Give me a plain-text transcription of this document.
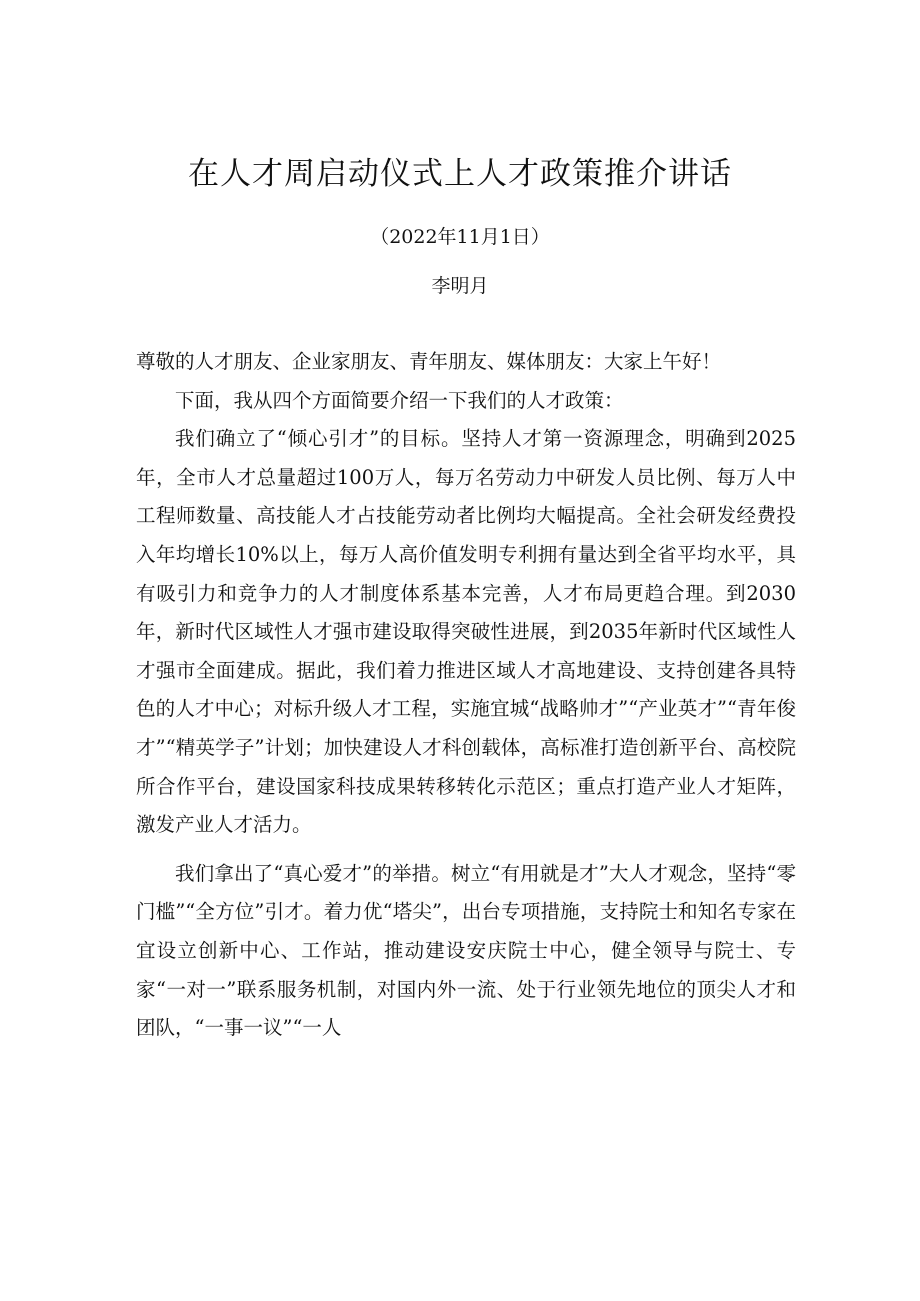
在人才周启动仪式上人才政策推介讲话
（2022年11月1日）
李明月

尊敬的人才朋友、企业家朋友、青年朋友、媒体朋友：大家上午好！

下面，我从四个方面简要介绍一下我们的人才政策：

我们确立了“倾心引才”的目标。坚持人才第一资源理念，明确到2025年，全市人才总量超过100万人，每万名劳动力中研发人员比例、每万人中工程师数量、高技能人才占技能劳动者比例均大幅提高。全社会研发经费投入年均增长10%以上，每万人高价值发明专利拥有量达到全省平均水平，具有吸引力和竞争力的人才制度体系基本完善，人才布局更趋合理。到2030年，新时代区域性人才强市建设取得突破性进展，到2035年新时代区域性人才强市全面建成。据此，我们着力推进区域人才高地建设、支持创建各具特色的人才中心；对标升级人才工程，实施宜城“战略帅才”“产业英才”“青年俊才”“精英学子”计划；加快建设人才科创载体，高标准打造创新平台、高校院所合作平台，建设国家科技成果转移转化示范区；重点打造产业人才矩阵，激发产业人才活力。

我们拿出了“真心爱才”的举措。树立“有用就是才”大人才观念，坚持“零门槛”“全方位”引才。着力优“塔尖”，出台专项措施，支持院士和知名专家在宜设立创新中心、工作站，推动建设安庆院士中心，健全领导与院士、专家“一对一”联系服务机制，对国内外一流、处于行业领先地位的顶尖人才和团队，“一事一议”“一人
